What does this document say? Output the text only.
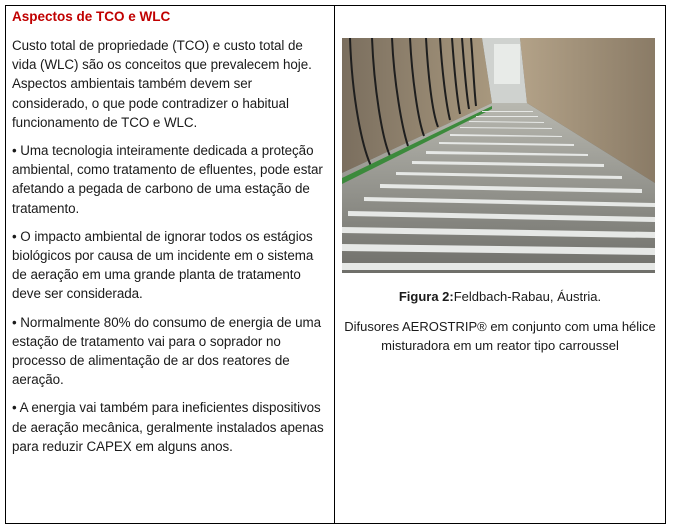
Aspectos de TCO e WLC

Custo total de propriedade (TCO) e custo total de vida (WLC) são os conceitos que prevalecem hoje. Aspectos ambientais também devem ser considerado, o que pode contradizer o habitual funcionamento de TCO e WLC.

• Uma tecnologia inteiramente dedicada a proteção ambiental, como tratamento de efluentes, pode estar afetando a pegada de carbono de uma estação de tratamento.

• O impacto ambiental de ignorar todos os estágios biológicos por causa de um incidente em o sistema de aeração em uma grande planta de tratamento deve ser considerada.

• Normalmente 80% do consumo de energia de uma estação de tratamento vai para o soprador no processo de alimentação de ar dos reatores de aeração.

• A energia vai também para ineficientes dispositivos de aeração mecânica, geralmente instalados apenas para reduzir CAPEX em alguns anos.

Figura 2:Feldbach-Rabau, Áustria.
Difusores AEROSTRIP® em conjunto com uma hélice misturadora em um reator tipo carroussel
